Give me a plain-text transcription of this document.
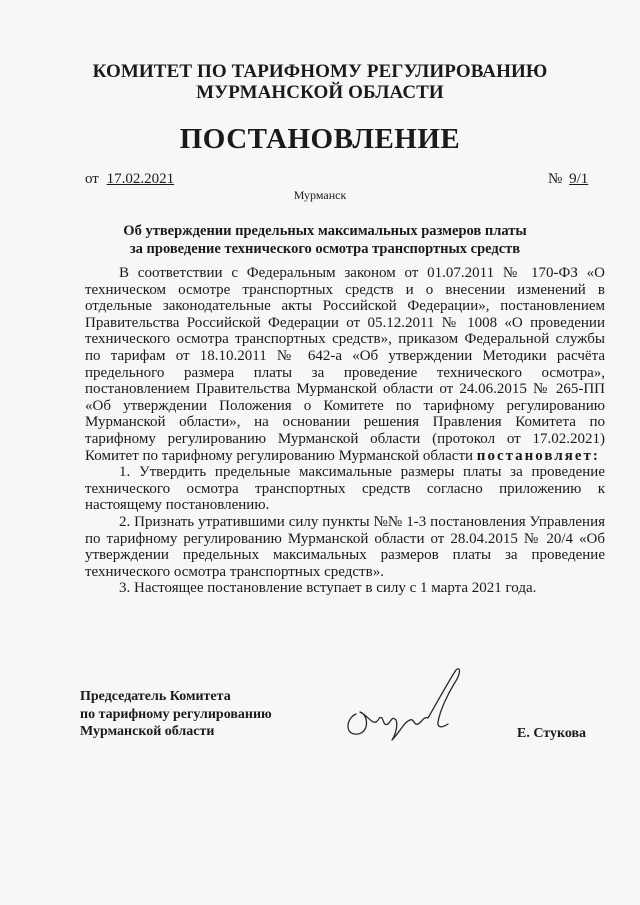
КОМИТЕТ ПО ТАРИФНОМУ РЕГУЛИРОВАНИЮ
МУРМАНСКОЙ ОБЛАСТИ
ПОСТАНОВЛЕНИЕ
от 17.02.2021	№ 9/1
Мурманск
Об утверждении предельных максимальных размеров платы
за проведение технического осмотра транспортных средств

В соответствии с Федеральным законом от 01.07.2011 № 170-ФЗ «О техническом осмотре транспортных средств и о внесении изменений в отдельные законодательные акты Российской Федерации», постановлением Правительства Российской Федерации от 05.12.2011 № 1008 «О проведении технического осмотра транспортных средств», приказом Федеральной службы по тарифам от 18.10.2011 № 642-а «Об утверждении Методики расчёта предельного размера платы за проведение технического осмотра», постановлением Правительства Мурманской области от 24.06.2015 № 265-ПП «Об утверждении Положения о Комитете по тарифному регулированию Мурманской области», на основании решения Правления Комитета по тарифному регулированию Мурманской области (протокол от 17.02.2021) Комитет по тарифному регулированию Мурманской области постановляет:

1. Утвердить предельные максимальные размеры платы за проведение технического осмотра транспортных средств согласно приложению к настоящему постановлению.

2. Признать утратившими силу пункты №№ 1-3 постановления Управления по тарифному регулированию Мурманской области от 28.04.2015 № 20/4 «Об утверждении предельных максимальных размеров платы за проведение технического осмотра транспортных средств».

3. Настоящее постановление вступает в силу с 1 марта 2021 года.

Председатель Комитета
по тарифному регулированию
Мурманской области	Е. Стукова
